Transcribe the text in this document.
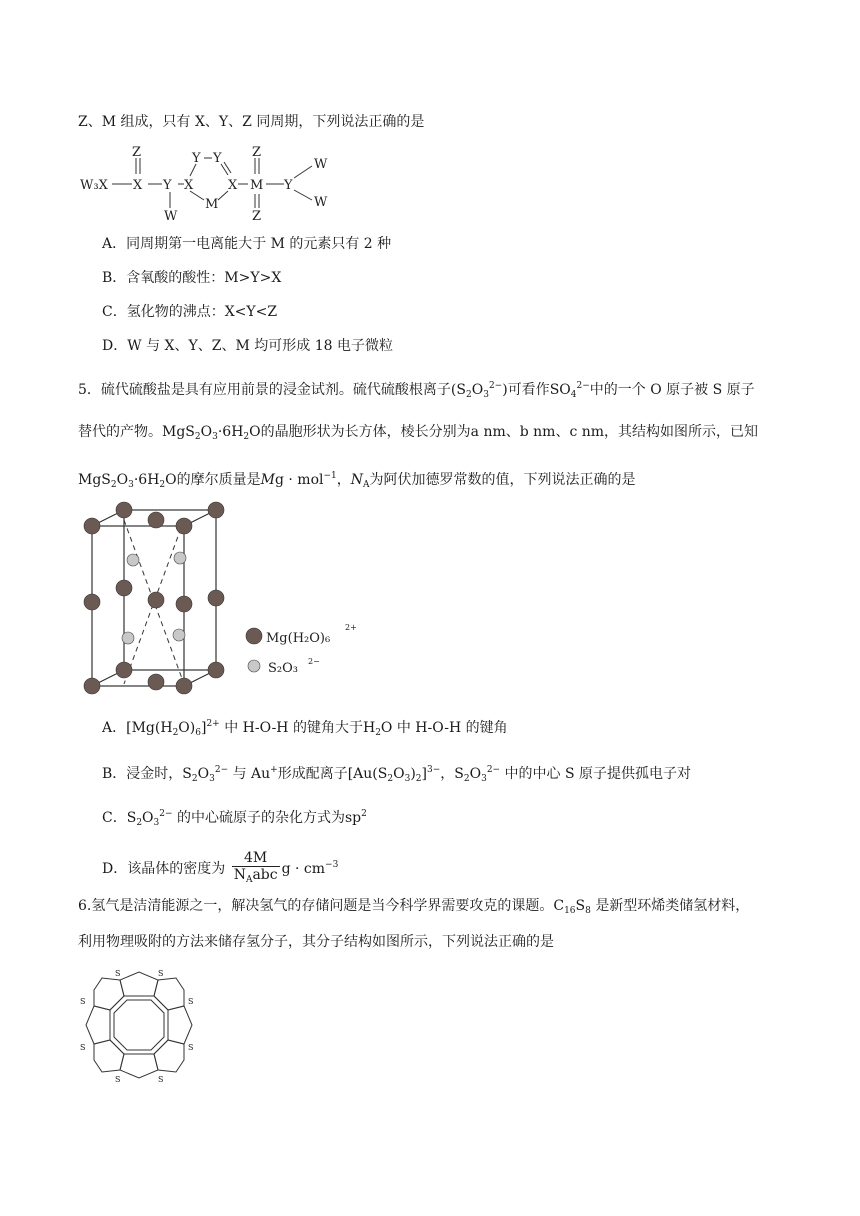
Z、M 组成，只有 X、Y、Z 同周期，下列说法正确的是
W₃X X
Z
Y
W
X
Y Y
M
X M
Z
Z
Y
W
W
A．同周期第一电离能大于 M 的元素只有 2 种
B．含氧酸的酸性：M>Y>X
C．氢化物的沸点：X<Y<Z
D．W 与 X、Y、Z、M 均可形成 18 电子微粒
5．硫代硫酸盐是具有应用前景的浸金试剂。硫代硫酸根离子$(S_2O_3^{2-})$可看作$SO_4^{2-}$中的一个 O 原子被 S 原子
替代的产物。$MgS_2O_3\cdot 6H_2O$的晶胞形状为长方体，棱长分别为a nm、b nm、c nm，其结构如图所示，已知
$MgS_2O_3\cdot 6H_2O$的摩尔质量是Mg · mol$^{-1}$，$N_A$为阿伏加德罗常数的值，下列说法正确的是
Mg(H₂O)₆
2+
S₂O₃ 2−
A．$[Mg(H_2O)_6]^{2+}$ 中 H-O-H 的键角大于$H_2O$ 中 H-O-H 的键角
B．浸金时，$S_2O_3^{2-}$ 与 Au+形成配离子$[Au(S_2O_3)_2]^{3-}$，$S_2O_3^{2-}$ 中的中心 S 原子提供孤电子对
C．$S_2O_3^{2-}$ 的中心硫原子的杂化方式为$sp^2$
D．该晶体的密度为
4M
$N_Aabc$ $g \cdot cm^{-3}$
6.氢气是洁清能源之一，解决氢气的存储问题是当今科学界需要攻克的课题。$C_{16}S_8$ 是新型环烯类储氢材料，
利用物理吸附的方法来储存氢分子，其分子结构如图所示，下列说法正确的是
S	S
S
S
S
S
S
S
